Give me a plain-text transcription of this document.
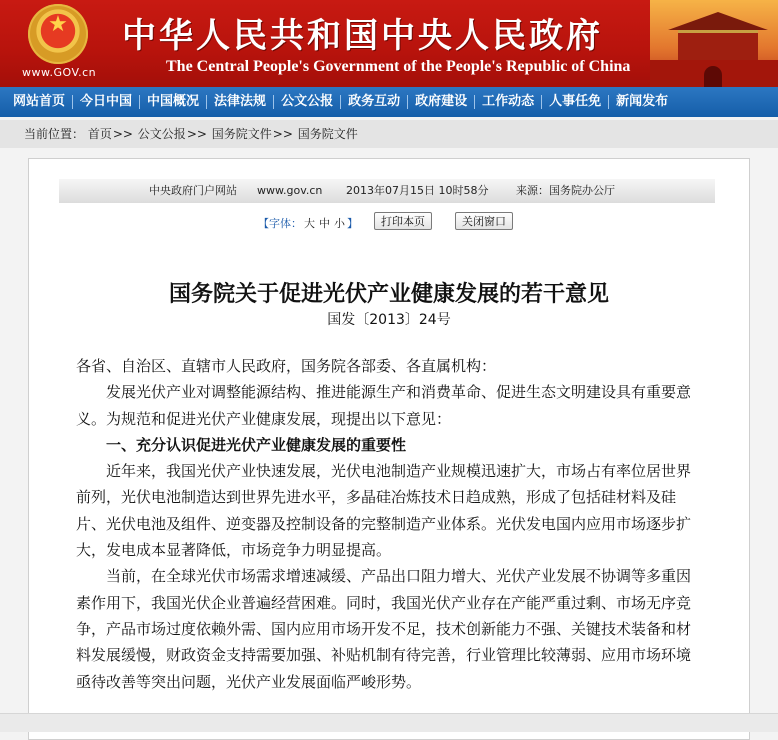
★
www.GOV.cn
中华人民共和国中央人民政府
The Central People's Government of the People's Republic of China
网站首页	今日中国	中国概况	法律法规	公文公报	政务互动	政府建设	工作动态	人事任免	新闻发布
当前位置： 首页>> 公文公报>> 国务院文件>> 国务院文件
中央政府门户网站 www.gov.cn 2013年07月15日 10时58分	来源：国务院办公厅
【字体： 大 中 小 】	打印本页	关闭窗口
国务院关于促进光伏产业健康发展的若干意见
国发〔2013〕24号

各省、自治区、直辖市人民政府，国务院各部委、各直属机构：

发展光伏产业对调整能源结构、推进能源生产和消费革命、促进生态文明建设具有重要意义。为规范和促进光伏产业健康发展，现提出以下意见：

一、充分认识促进光伏产业健康发展的重要性

近年来，我国光伏产业快速发展，光伏电池制造产业规模迅速扩大，市场占有率位居世界前列，光伏电池制造达到世界先进水平，多晶硅冶炼技术日趋成熟，形成了包括硅材料及硅片、光伏电池及组件、逆变器及控制设备的完整制造产业体系。光伏发电国内应用市场逐步扩大，发电成本显著降低，市场竞争力明显提高。

当前，在全球光伏市场需求增速减缓、产品出口阻力增大、光伏产业发展不协调等多重因素作用下，我国光伏企业普遍经营困难。同时，我国光伏产业存在产能严重过剩、市场无序竞争，产品市场过度依赖外需、国内应用市场开发不足，技术创新能力不强、关键技术装备和材料发展缓慢，财政资金支持需要加强、补贴机制有待完善，行业管理比较薄弱、应用市场环境亟待改善等突出问题，光伏产业发展面临严峻形势。
